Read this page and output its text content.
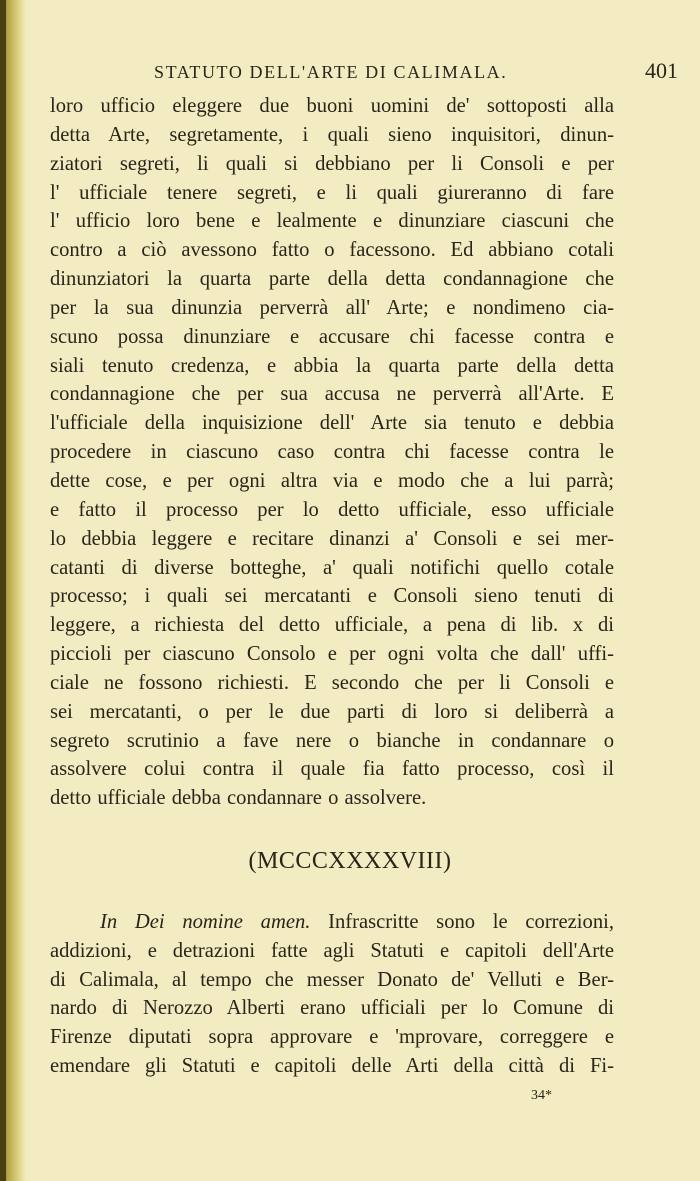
STATUTO DELL'ARTE DI CALIMALA.	401
loro ufficio eleggere due buoni uomini de' sottoposti alla
detta Arte, segretamente, i quali sieno inquisitori, dinun-
ziatori segreti, li quali si debbiano per li Consoli e per
l' ufficiale tenere segreti, e li quali giureranno di fare
l' ufficio loro bene e lealmente e dinunziare ciascuni che
contro a ciò avessono fatto o facessono. Ed abbiano cotali
dinunziatori la quarta parte della detta condannagione che
per la sua dinunzia perverrà all' Arte; e nondimeno cia-
scuno possa dinunziare e accusare chi facesse contra e
siali tenuto credenza, e abbia la quarta parte della detta
condannagione che per sua accusa ne perverrà all'Arte. E
l'ufficiale della inquisizione dell' Arte sia tenuto e debbia
procedere in ciascuno caso contra chi facesse contra le
dette cose, e per ogni altra via e modo che a lui parrà;
e fatto il processo per lo detto ufficiale, esso ufficiale
lo debbia leggere e recitare dinanzi a' Consoli e sei mer-
catanti di diverse botteghe, a' quali notifichi quello cotale
processo; i quali sei mercatanti e Consoli sieno tenuti di
leggere, a richiesta del detto ufficiale, a pena di lib. x di
piccioli per ciascuno Consolo e per ogni volta che dall' uffi-
ciale ne fossono richiesti. E secondo che per li Consoli e
sei mercatanti, o per le due parti di loro si deliberrà a
segreto scrutinio a fave nere o bianche in condannare o
assolvere colui contra il quale fia fatto processo, così il
detto ufficiale debba condannare o assolvere.
(MCCCXXXXVIII)
In Dei nomine amen. Infrascritte sono le correzioni,
addizioni, e detrazioni fatte agli Statuti e capitoli dell'Arte
di Calimala, al tempo che messer Donato de' Velluti e Ber-
nardo di Nerozzo Alberti erano ufficiali per lo Comune di
Firenze diputati sopra approvare e 'mprovare, correggere e
emendare gli Statuti e capitoli delle Arti della città di Fi-
34*
